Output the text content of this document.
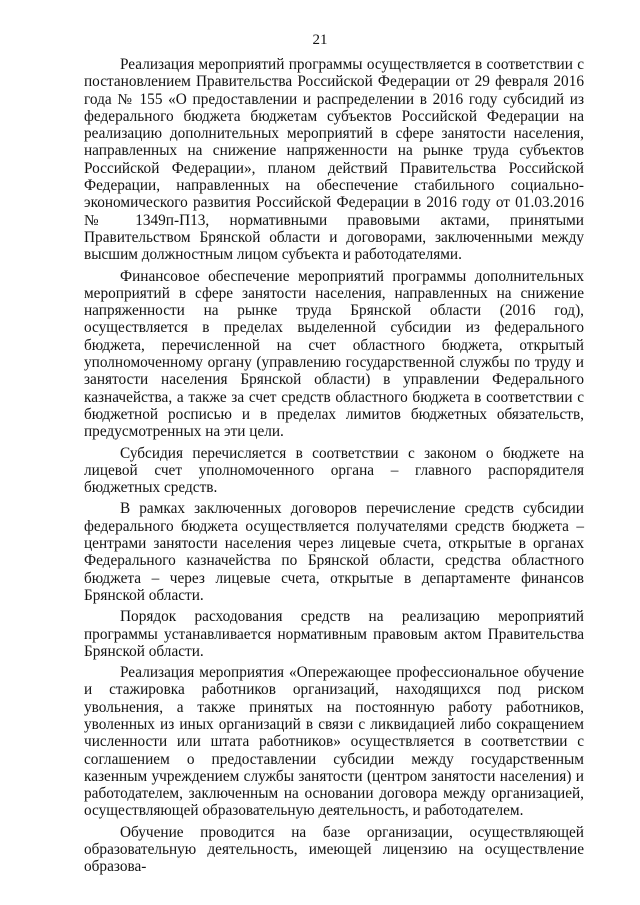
21

Реализация мероприятий программы осуществляется в соответствии с постановлением Правительства Российской Федерации от 29 февраля 2016 года № 155 «О предоставлении и распределении в 2016 году субсидий из федерального бюджета бюджетам субъектов Российской Федерации на реализацию дополнительных мероприятий в сфере занятости населения, направленных на снижение напряженности на рынке труда субъектов Российской Федерации», планом действий Правительства Российской Федерации, направленных на обеспечение стабильного социально-экономического развития Российской Федерации в 2016 году от 01.03.2016 № 1349п-П13, нормативными правовыми актами, принятыми Правительством Брянской области и договорами, заключенными между высшим должностным лицом субъекта и работодателями.

Финансовое обеспечение мероприятий программы дополнительных мероприятий в сфере занятости населения, направленных на снижение напряженности на рынке труда Брянской области (2016 год), осуществляется в пределах выделенной субсидии из федерального бюджета, перечисленной на счет областного бюджета, открытый уполномоченному органу (управлению государственной службы по труду и занятости населения Брянской области) в управлении Федерального казначейства, а также за счет средств областного бюджета в соответствии с бюджетной росписью и в пределах лимитов бюджетных обязательств, предусмотренных на эти цели.

Субсидия перечисляется в соответствии с законом о бюджете на лицевой счет уполномоченного органа – главного распорядителя бюджетных средств.

В рамках заключенных договоров перечисление средств субсидии федерального бюджета осуществляется получателями средств бюджета – центрами занятости населения через лицевые счета, открытые в органах Федерального казначейства по Брянской области, средства областного бюджета – через лицевые счета, открытые в департаменте финансов Брянской области.

Порядок расходования средств на реализацию мероприятий программы устанавливается нормативным правовым актом Правительства Брянской области.

Реализация мероприятия «Опережающее профессиональное обучение и стажировка работников организаций, находящихся под риском увольнения, а также принятых на постоянную работу работников, уволенных из иных организаций в связи с ликвидацией либо сокращением численности или штата работников» осуществляется в соответствии с соглашением о предоставлении субсидии между государственным казенным учреждением службы занятости (центром занятости населения) и работодателем, заключенным на основании договора между организацией, осуществляющей образовательную деятельность, и работодателем.

Обучение проводится на базе организации, осуществляющей образовательную деятельность, имеющей лицензию на осуществление образова-
